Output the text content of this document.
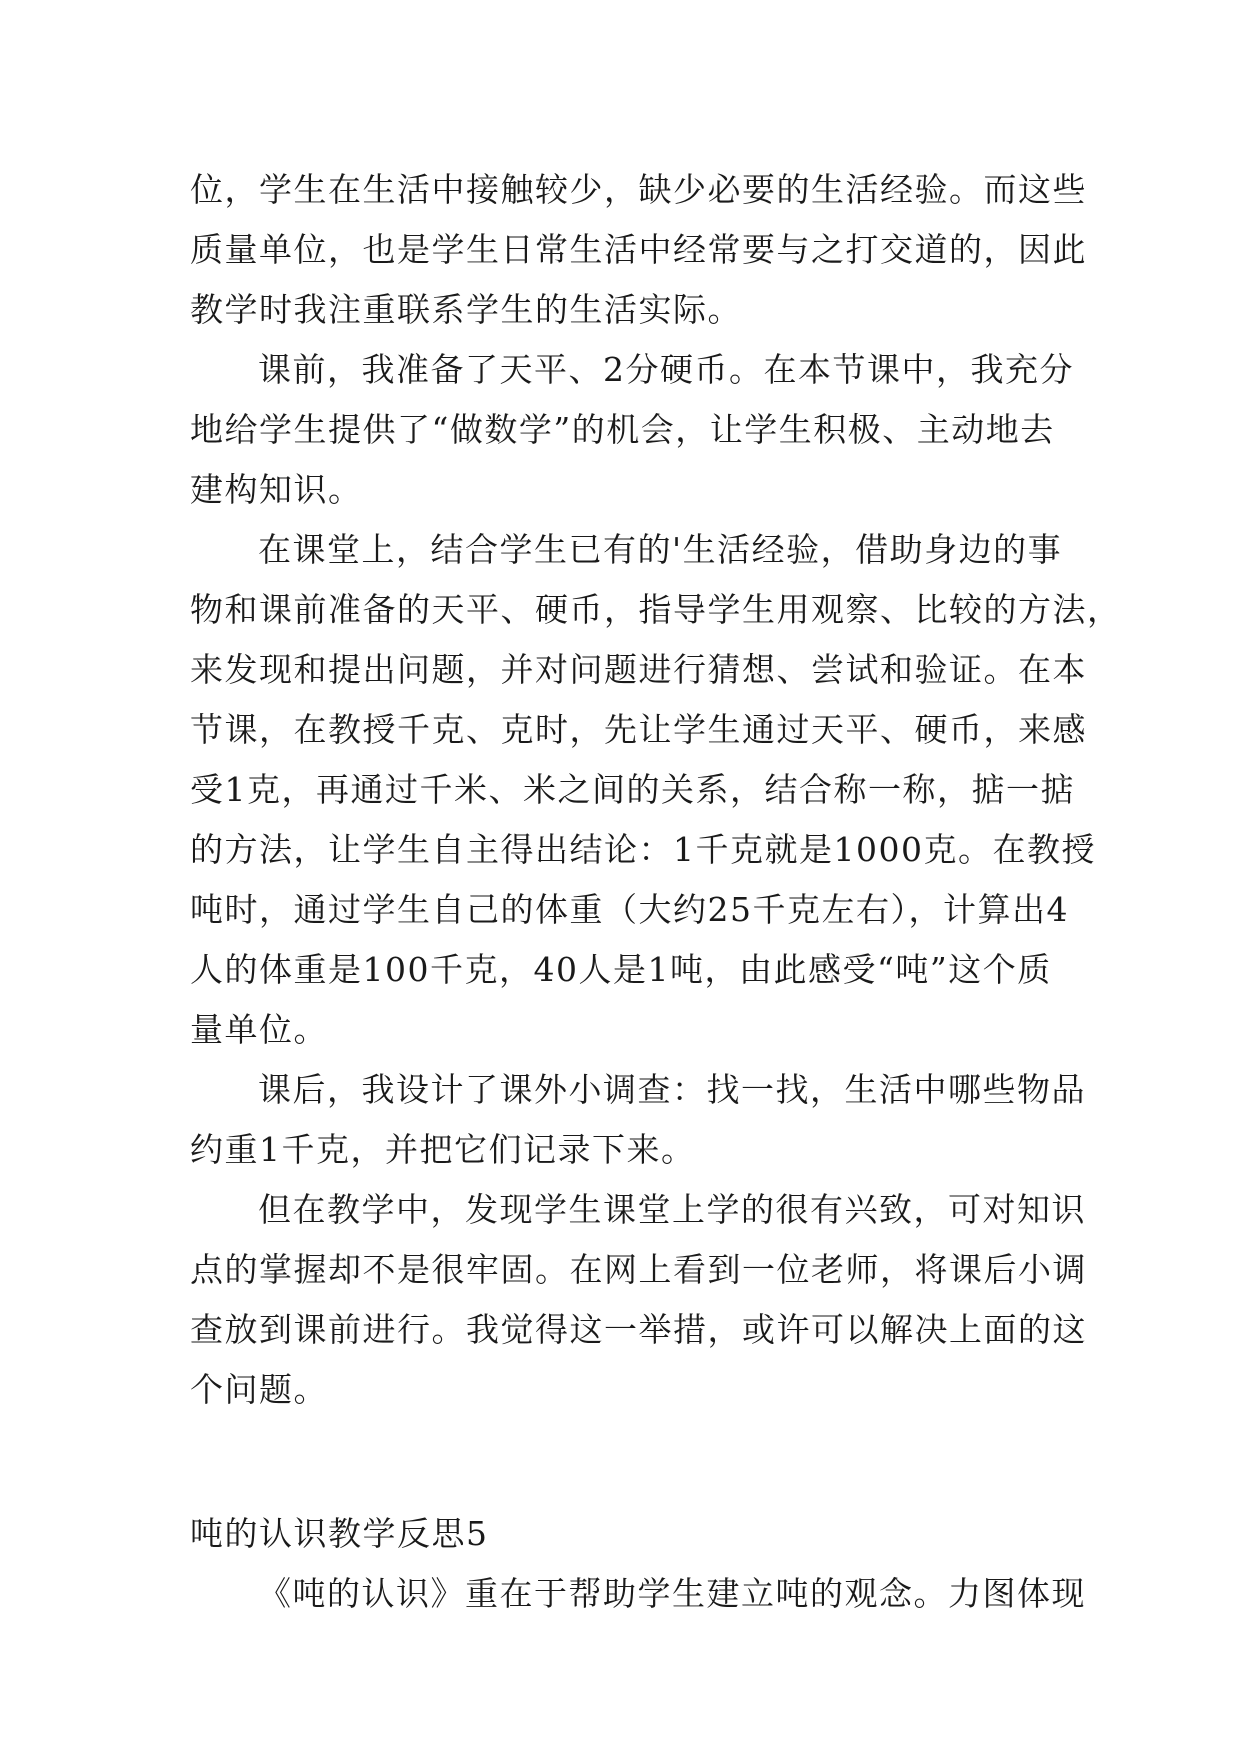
位，学生在生活中接触较少，缺少必要的生活经验。而这些
质量单位，也是学生日常生活中经常要与之打交道的，因此
教学时我注重联系学生的生活实际。
课前，我准备了天平、2分硬币。在本节课中，我充分
地给学生提供了“做数学”的机会，让学生积极、主动地去
建构知识。
在课堂上，结合学生已有的'生活经验，借助身边的事
物和课前准备的天平、硬币，指导学生用观察、比较的方法，
来发现和提出问题，并对问题进行猜想、尝试和验证。在本
节课，在教授千克、克时，先让学生通过天平、硬币，来感
受1克，再通过千米、米之间的关系，结合称一称，掂一掂
的方法，让学生自主得出结论：1千克就是1000克。在教授
吨时，通过学生自己的体重（大约25千克左右），计算出4
人的体重是100千克，40人是1吨，由此感受“吨”这个质
量单位。
课后，我设计了课外小调查：找一找，生活中哪些物品
约重1千克，并把它们记录下来。
但在教学中，发现学生课堂上学的很有兴致，可对知识
点的掌握却不是很牢固。在网上看到一位老师，将课后小调
查放到课前进行。我觉得这一举措，或许可以解决上面的这
个问题。
吨的认识教学反思5
《吨的认识》重在于帮助学生建立吨的观念。力图体现
